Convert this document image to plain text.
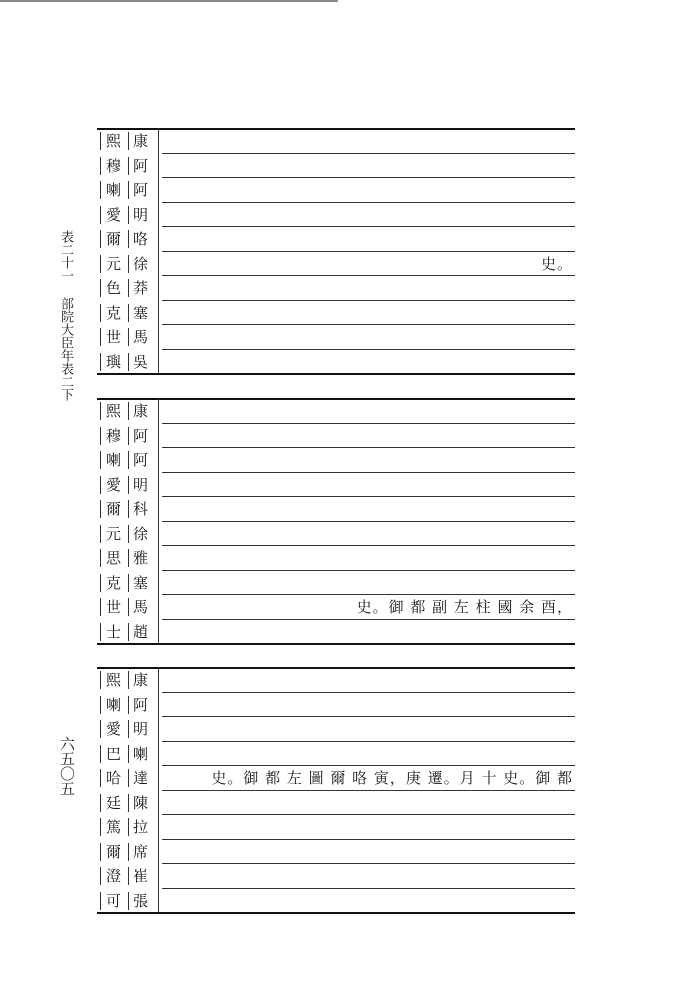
表二十一 部院大臣年表二下
六五〇五
熙 康
穆 阿
喇 阿
愛 明
爾 咯
元 徐	史。
色 莽
克 塞
世 馬
璵 吳
熙 康
穆 阿
喇 阿
愛 明
爾 科
元 徐
思 雅
克 塞
世 馬	史。御 都 副 左 柱 國 余 酉，
士 趙
熙 康
喇 阿
愛 明
巴 喇
哈 達	史。御 都 左 圖 爾 咯 寅，庚 遷。月 十 史。御 都
廷 陳
篤 拉
爾 席
澄 崔
可 張
